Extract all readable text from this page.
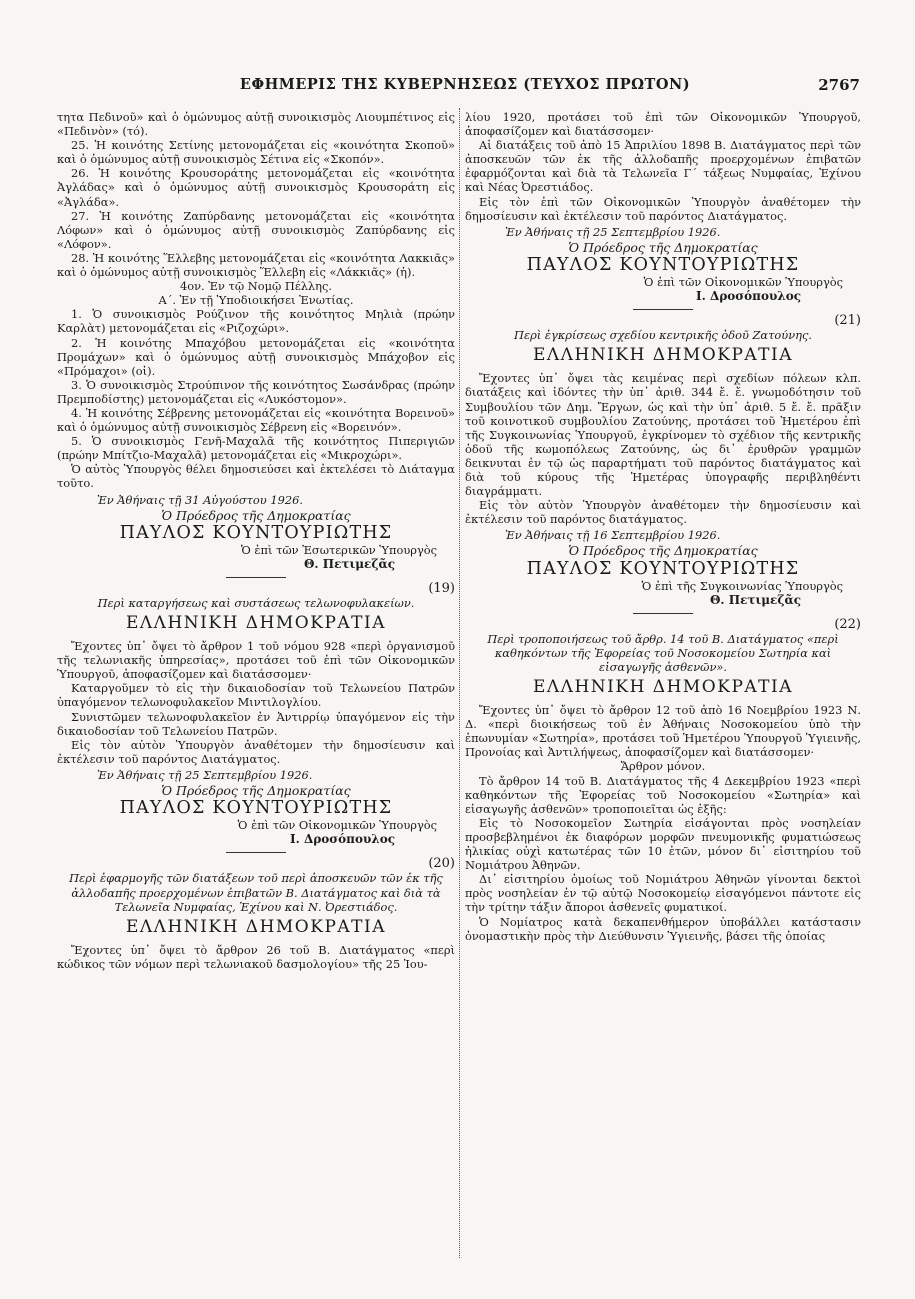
ΕΦΗΜΕΡΙΣ ΤΗΣ ΚΥΒΕΡΝΗΣΕΩΣ (ΤΕΥΧΟΣ ΠΡΩΤΟΝ)	2767

τητα Πεδινοῦ» καὶ ὁ ὁμώνυμος αὐτῇ συνοικισμὸς Λιουμπέτινος εἰς «Πεδινὸν» (τό).

25. Ἡ κοινότης Σετίνης μετονομάζεται εἰς «κοινότητα Σκοποῦ» καὶ ὁ ὁμώνυμος αὐτῇ συνοικισμὸς Σέτινα εἰς «Σκοπόν».

26. Ἡ κοινότης Κρουσοράτης μετονομάζεται εἰς «κοινότητα Ἀγλάδας» καὶ ὁ ὁμώνυμος αὐτῇ συνοικισμὸς Κρουσοράτη εἰς «Ἀγλάδα».

27. Ἡ κοινότης Ζαπύρδανης μετονομάζεται εἰς «κοινότητα Λόφων» καὶ ὁ ὁμώνυμος αὐτῇ συνοικισμὸς Ζαπύρδανης εἰς «Λόφον».

28. Ἡ κοινότης Ἕλλεβης μετονομάζεται εἰς «κοινότητα Λακκιᾶς» καὶ ὁ ὁμώνυμος αὐτῇ συνοικισμὸς Ἕλλεβη εἰς «Λάκκιᾶς» (ἡ).

4ον. Ἐν τῷ Νομῷ Πέλλης.

Α΄. Ἐν τῇ Ὑποδιοικήσει Ἐνωτίας.

1. Ὁ συνοικισμὸς Ρούζινον τῆς κοινότητος Μηλιὰ (πρώην Καρλὰτ) μετονομάζεται εἰς «Ριζοχώρι».

2. Ἡ κοινότης Μπαχόβου μετονομάζεται εἰς «κοινότητα Προμάχων» καὶ ὁ ὁμώνυμος αὐτῇ συνοικισμὸς Μπάχοβον εἰς «Πρόμαχοι» (οἱ).

3. Ὁ συνοικισμὸς Στρούπινον τῆς κοινότητος Σωσάνδρας (πρώην Πρεμποδίστης) μετονομάζεται εἰς «Λυκόστομον».

4. Ἡ κοινότης Σέβρενης μετονομάζεται εἰς «κοινότητα Βορεινοῦ» καὶ ὁ ὁμώνυμος αὐτῇ συνοικισμὸς Σέβρενη εἰς «Βορεινόν».

5. Ὁ συνοικισμὸς Γενῆ-Μαχαλᾶ τῆς κοινότητος Πιπεριγιῶν (πρώην Μπίτζιο-Μαχαλᾶ) μετονομάζεται εἰς «Μικροχώρι».

Ὁ αὐτὸς Ὑπουργὸς θέλει δημοσιεύσει καὶ ἐκτελέσει τὸ Διάταγμα τοῦτο.

Ἐν Ἀθήναις τῇ 31 Αὐγούστου 1926.

Ὁ Πρόεδρος τῆς Δημοκρατίας

ΠΑΥΛΟΣ ΚΟΥΝΤΟΥΡΙΩΤΗΣ

Ὁ ἐπὶ τῶν Ἐσωτερικῶν Ὑπουργὸς

Θ. Πετιμεζᾶς

(19)

Περὶ καταργήσεως καὶ συστάσεως τελωνοφυλακείων.

ΕΛΛΗΝΙΚΗ ΔΗΜΟΚΡΑΤΙΑ

Ἔχοντες ὑπ᾽ ὄψει τὸ ἄρθρον 1 τοῦ νόμου 928 «περὶ ὀργανισμοῦ τῆς τελωνιακῆς ὑπηρεσίας», προτάσει τοῦ ἐπὶ τῶν Οἰκονομικῶν Ὑπουργοῦ, ἀποφασίζομεν καὶ διατάσσομεν·

Καταργοῦμεν τὸ εἰς τὴν δικαιοδοσίαν τοῦ Τελωνείου Πατρῶν ὑπαγόμενον τελωνοφυλακεῖον Μιντιλογλίου.

Συνιστῶμεν τελωνοφυλακεῖον ἐν Ἀντιρρίῳ ὑπαγόμενον εἰς τὴν δικαιοδοσίαν τοῦ Τελωνείου Πατρῶν.

Εἰς τὸν αὐτὸν Ὑπουργὸν ἀναθέτομεν τὴν δημοσίευσιν καὶ ἐκτέλεσιν τοῦ παρόντος Διατάγματος.

Ἐν Ἀθήναις τῇ 25 Σεπτεμβρίου 1926.

Ὁ Πρόεδρος τῆς Δημοκρατίας

ΠΑΥΛΟΣ ΚΟΥΝΤΟΥΡΙΩΤΗΣ

Ὁ ἐπὶ τῶν Οἰκονομικῶν Ὑπουργὸς

Ι. Δροσόπουλος

(20)

Περὶ ἐφαρμογῆς τῶν διατάξεων τοῦ περὶ ἀποσκευῶν τῶν ἐκ τῆς ἀλλοδαπῆς προερχομένων ἐπιβατῶν Β. Διατάγματος καὶ διὰ τὰ Τελωνεῖα Νυμφαίας, Ἐχίνου καὶ Ν. Ὀρεστιάδος.

ΕΛΛΗΝΙΚΗ ΔΗΜΟΚΡΑΤΙΑ

Ἔχοντες ὑπ᾽ ὄψει τὸ ἄρθρον 26 τοῦ Β. Διατάγματος «περὶ κώδικος τῶν νόμων περὶ τελωνιακοῦ δασμολογίου» τῆς 25 Ἰου-

λίου 1920, προτάσει τοῦ ἐπὶ τῶν Οἰκονομικῶν Ὑπουργοῦ, ἀποφασίζομεν καὶ διατάσσομεν·

Αἱ διατάξεις τοῦ ἀπὸ 15 Ἀπριλίου 1898 Β. Διατάγματος περὶ τῶν ἀποσκευῶν τῶν ἐκ τῆς ἀλλοδαπῆς προερχομένων ἐπιβατῶν ἐφαρμόζονται καὶ διὰ τὰ Τελωνεῖα Γ΄ τάξεως Νυμφαίας, Ἐχίνου καὶ Νέας Ὀρεστιάδος.

Εἰς τὸν ἐπὶ τῶν Οἰκονομικῶν Ὑπουργὸν ἀναθέτομεν τὴν δημοσίευσιν καὶ ἐκτέλεσιν τοῦ παρόντος Διατάγματος.

Ἐν Ἀθήναις τῇ 25 Σεπτεμβρίου 1926.

Ὁ Πρόεδρος τῆς Δημοκρατίας

ΠΑΥΛΟΣ ΚΟΥΝΤΟΥΡΙΩΤΗΣ

Ὁ ἐπὶ τῶν Οἰκονομικῶν Ὑπουργὸς

Ι. Δροσόπουλος

(21)

Περὶ ἐγκρίσεως σχεδίου κεντρικῆς ὁδοῦ Ζατούνης.

ΕΛΛΗΝΙΚΗ ΔΗΜΟΚΡΑΤΙΑ

Ἔχοντες ὑπ᾽ ὄψει τὰς κειμένας περὶ σχεδίων πόλεων κλπ. διατάξεις καὶ ἰδόντες τὴν ὑπ᾽ ἀριθ. 344 ἔ. ἔ. γνωμοδότησιν τοῦ Συμβουλίου τῶν Δημ. Ἔργων, ὡς καὶ τὴν ὑπ᾽ ἀριθ. 5 ἔ. ἔ. πρᾶξιν τοῦ κοινοτικοῦ συμβουλίου Ζατούνης, προτάσει τοῦ Ἡμετέρου ἐπὶ τῆς Συγκοινωνίας Ὑπουργοῦ, ἐγκρίνομεν τὸ σχέδιον τῆς κεντρικῆς ὁδοῦ τῆς κωμοπόλεως Ζατούνης, ὡς δι᾽ ἐρυθρῶν γραμμῶν δεικνυται ἐν τῷ ὡς παραρτήματι τοῦ παρόντος διατάγματος καὶ διὰ τοῦ κύρους τῆς Ἡμετέρας ὑπογραφῆς περιβληθέντι διαγράμματι.

Εἰς τὸν αὐτὸν Ὑπουργὸν ἀναθέτομεν τὴν δημοσίευσιν καὶ ἐκτέλεσιν τοῦ παρόντος διατάγματος.

Ἐν Ἀθήναις τῇ 16 Σεπτεμβρίου 1926.

Ὁ Πρόεδρος τῆς Δημοκρατίας

ΠΑΥΛΟΣ ΚΟΥΝΤΟΥΡΙΩΤΗΣ

Ὁ ἐπὶ τῆς Συγκοινωνίας Ὑπουργὸς

Θ. Πετιμεζᾶς

(22)

Περὶ τροποποιήσεως τοῦ ἄρθρ. 14 τοῦ Β. Διατάγματος «περὶ καθηκόντων τῆς Ἐφορείας τοῦ Νοσοκομείου Σωτηρία καὶ εἰσαγωγῆς ἀσθενῶν».

ΕΛΛΗΝΙΚΗ ΔΗΜΟΚΡΑΤΙΑ

Ἔχοντες ὑπ᾽ ὄψει τὸ ἄρθρον 12 τοῦ ἀπὸ 16 Νοεμβρίου 1923 Ν. Δ. «περὶ διοικήσεως τοῦ ἐν Ἀθήναις Νοσοκομείου ὑπὸ τὴν ἐπωνυμίαν «Σωτηρία», προτάσει τοῦ Ἡμετέρου Ὑπουργοῦ Ὑγιεινῆς, Προνοίας καὶ Ἀντιλήψεως, ἀποφασίζομεν καὶ διατάσσομεν·

Ἄρθρον μόνον.

Τὸ ἄρθρον 14 τοῦ Β. Διατάγματος τῆς 4 Δεκεμβρίου 1923 «περὶ καθηκόντων τῆς Ἐφορείας τοῦ Νοσοκομείου «Σωτηρία» καὶ εἰσαγωγῆς ἀσθενῶν» τροποποιεῖται ὡς ἑξῆς:

Εἰς τὸ Νοσοκομεῖον Σωτηρία εἰσάγονται πρὸς νοσηλείαν προσβεβλημένοι ἐκ διαφόρων μορφῶν πνευμονικῆς φυματιώσεως ἡλικίας οὐχὶ κατωτέρας τῶν 10 ἐτῶν, μόνον δι᾽ εἰσιτηρίου τοῦ Νομιάτρου Ἀθηνῶν.

Δι᾽ εἰσιτηρίου ὁμοίως τοῦ Νομιάτρου Ἀθηνῶν γίνονται δεκτοὶ πρὸς νοσηλείαν ἐν τῷ αὐτῷ Νοσοκομείῳ εἰσαγόμενοι πάντοτε εἰς τὴν τρίτην τάξιν ἄποροι ἀσθενεῖς φυματικοί.

Ὁ Νομίατρος κατὰ δεκαπενθήμερον ὑποβάλλει κατάστασιν ὀνομαστικὴν πρὸς τὴν Διεύθυνσιν Ὑγιεινῆς, βάσει τῆς ὁποίας
